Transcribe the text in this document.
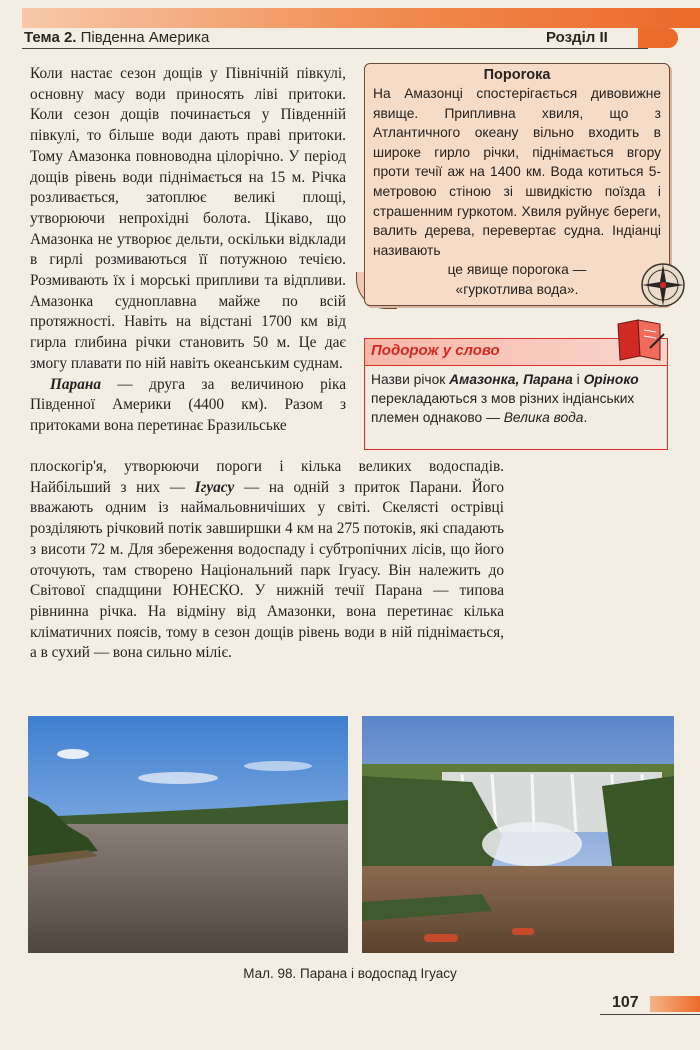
Тема 2. Південна Америка	Розділ II

Коли настає сезон дощів у Північній півкулі, основну масу води приносять ліві притоки. Коли сезон дощів починається у Південній півкулі, то більше води дають праві притоки. Тому Амазонка повноводна цілорічно. У період дощів рівень води піднімається на 15 м. Річка розливається, затоплює великі площі, утворюючи непрохідні болота. Цікаво, що Амазонка не утворює дельти, оскільки відклади в гирлі розмиваються її потужною течією. Розмивають їх і морські припливи та відпливи. Амазонка судноплавна майже по всій протяжності. Навіть на відстані 1700 км від гирла глибина річки становить 50 м. Це дає змогу плавати по ній навіть океанським суднам.

Парана — друга за величиною ріка Південної Америки (4400 км). Разом з притоками вона перетинає Бразильське

плоскогір'я, утворюючи пороги і кілька великих водоспадів. Найбільший з них — Ігуасу — на одній з приток Парани. Його вважають одним із наймальовничіших у світі. Скелясті острівці розділяють річковий потік завширшки 4 км на 275 потоків, які спадають з висоти 72 м. Для збереження водоспаду і субтропічних лісів, що його оточують, там створено Національний парк Ігуасу. Він належить до Світової спадщини ЮНЕСКО. У нижній течії Парана — типова рівнинна річка. На відміну від Амазонки, вона перетинає кілька кліматичних поясів, тому в сезон дощів рівень води в ній піднімається, а в сухий — вона сильно міліє.

Пороrока
На Амазонці спостерігається дивовижне явище. Припливна хвиля, що з Атлантичного океану вільно входить в широке гирло річки, піднімається вгору проти течії аж на 1400 км. Вода котиться 5-метровою стіною зі швидкістю поїзда і страшенним гуркотом. Хвиля руйнує береги, валить дерева, перевертає судна. Індіанці називають
це явище пороrока —
«гуркотлива вода».
Подорож у слово
Назви річок Амазонка, Парана і Оріноко перекладаються з мов різних індіанських племен однаково — Велика вода.
Мал. 98. Парана і водоспад Ігуасу
107
